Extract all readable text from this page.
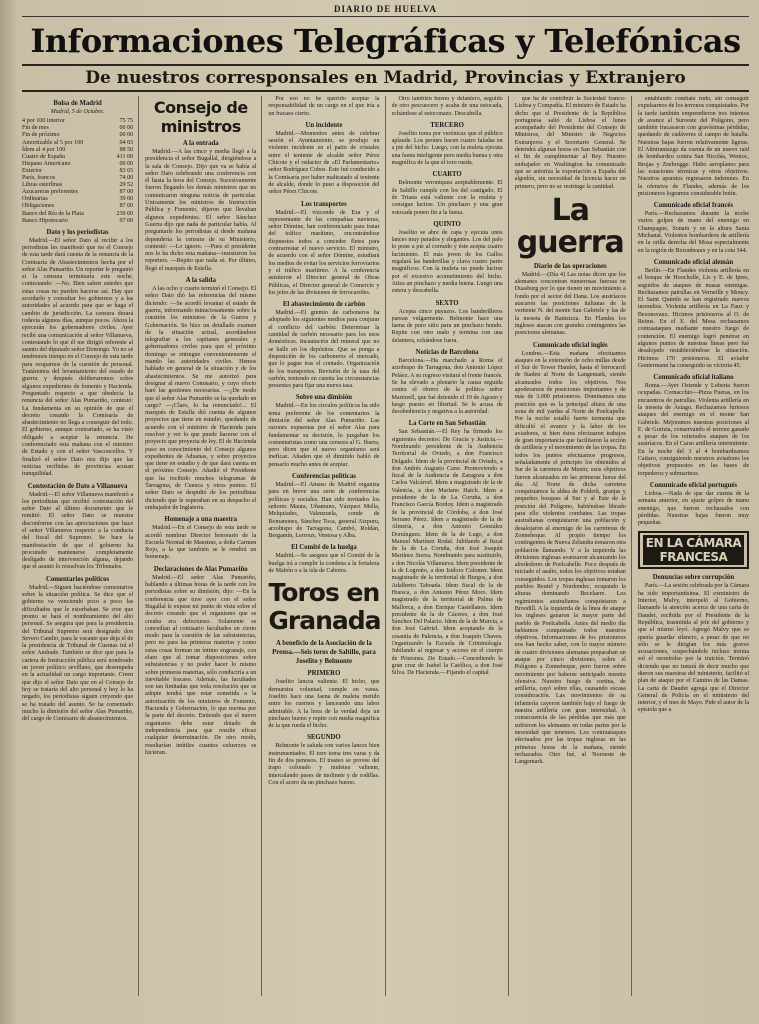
DIARIO DE HUELVA
Informaciones Telegráficas y Telefónicas
De nuestros corresponsales en Madrid, Provincias y Extranjero
Bolsa de Madrid
Madrid, 5 de Octubre.
4 por 100 interior	75 75
Fin de mes	00 00
Fin de próximo	00 00
Amortizable al 5 por 100	94 65
Ídem al 4 por 100	88 50
Cuatro de España	411 00
Hispano Americano	00 00
Exterior	83 65
París, francos	74 00
Libras esterlinas	29 52
Azucareras preferentes	87 00
Ordinarias	39 00
Obligaciones	87 00
Banco del Río de la Plata	239 00
Banco Hipotecario	97 00
Dato y los periodistas

Madrid.—El señor Dato al recibir a los periodistas les manifestó que no el Consejo de esta tarde dará cuenta de la renuncia de la Comisaría de Abastecimientos hecha por el señor Alas Pumariño. Un reporter le preguntó si la censura terminaría este noche, contestando: —No. Bien saben ustedes que estas cosas no pueden hacerse así. Hay que acordarlo y consultar los gobiernos y a las autoridades al acuerdo para que se haga el cambio de jurisdicción. La censura durará todavía algunos días, aunque pocos. Ahora la ejercerán los gobernadores civiles. Ayer recibí una comunicación al señor Villanueva, contestando lo que él me dirigió referente al asunto del diputado señor Domingo. Yo no sé tendremos tiempo en el Consejo de esta tarde para ocuparnos de la cuestión de personal. Tratáremos del levantamiento del estado de guerra y después deliberaremos sobre algunos expedientes de fomento y Hacienda. Preguntado respecto a que obedecía la renuncia del señor Alas Pumariño, contestó: La fundamenta en su opinión de que el decreto creando la Comisaría de abastecimiento no llega a conseguir del todo. El gobierno, aunque contrariado, se ha visto obligado a aceptar la renuncia. He conferenciado esta mañana con el ministro de Estado y con el señor Vasconcellos. Y finalizó el señor Dato nos dijo que las noticias recibidas de provincias acusan tranquilidad.

Contestación de Dato a Villanueva

Madrid.—El señor Villanueva manifestó a los periodistas que recibió contestación del señor Dato al último documento que le remitió. El señor Dato se muestra disconforme con las apreciaciones que hace el señor Villanueva respecto a la conducta del fiscal del Supremo. Se hace la manifestación de que el gobierno ha procurado mantenerse completamente desligado de intervención alguna, dejando que el asunto lo resuelvan los Tribunales.

Comentarios políticos

Madrid.—Siguen haciéndose comentarios sobre la situación política. Se dice que el gobierno va venciendo poco a poco las dificultades que le estorbaban. Se cree que pronto se hará el nombramiento del alto personal. Se asegura que para la presidencia del Tribunal Supremo será designado don Severo Candio, para la vacante que deja el de la presidencia de Tribunal de Cuentas irá el señor Andrade. También se dice que para la cartera de Instrucción pública será nombrado un joven político sevillano, que desempeña en la actualidad un cargo importante. Creen que dijo el señor Dato que en el Consejo de hoy se trataría del alto personal y hoy lo ha negado, los periodistas siguen creyendo que se ha tratado del asunto. Se ha comentado mucho la dimisión del señor Alas Pumariño, del cargo de Comisario de abastecimientos.

Consejo de ministros
A la entrada

Madrid.—A las cinco y media llegó a la presidencia el señor Bugallal, dirigiéndose a la sala de Consejo. Dijo que va se había al señor Dato celebrando una conferencia con él hasta la hora del Consejo. Sucesivamente fueron llegando los demás ministros que no comunicaron ninguna noticia de particular. Únicamente los ministros de Instrucción Pública y Fomento, dijeron que llevaban algunos expedientes. El señor Sánchez Guerra dijo que nada de particular había. Al preguntarle los periodistas si desde mañana dependería la censura de su Ministerio, contestó: —Lo ignoro. —Pues el presidente nos lo ha dicho esta mañana—insistieron los reporters. —Repito que nada sé. Por último, llegó el marqués de Estella.

A la salida

A las ocho y cuarto terminó el Consejo. El señor Dato dió las referencias del mismo diciendo: —Se acordó levantar el estado de guerra, informando minuciosamente sobre la cuestión los ministros de la Guerra y Gobernación. Se hizo un detallado examen de la situación actual, acordándose telegrafiar a los capitanes generales y gobernadores civiles para que el próximo domingo se entregue convenientemente el mando las autoridades civiles. Hemos hablado en general de la situación y de los abastecimientos. Se me autorizó para designar al nuevo Comisario, y cuyo efecto haré las gestiones necesarias. —¿De modo que el señor Alas Pumariño se ha quedado en cargo? —¡Claro, lo ha renunciado!... El marqués de Estella dió cuenta de algunos proyectos que tiene en estudio, quedando de acuerdo con el ministro de Hacienda para resolver y ver lo que puede hacerse con el proyecto que proyecta de ley. El de Hacienda puso en conocimiento del Consejo algunos expedientes de Aduanas, y sobre proyectos que tiene en estudio y de que dará cuenta en el próximo Consejo. Añadió el Presidente que ha recibido muchos telegramas de Tarragona, de Cuenca y otros puntos. El señor Dato se despidió de los periodistas diciendo que le esperaban en su despacho el embajador de Inglaterra.

Homenaje a una maestra

Madrid.—En el Consejo de esta tarde se acordó nombrar Director honorario de la Escuela Normal de Maestras, a doña Carmen Rojo, a la que también se le rendirá un homenaje.

Declaraciones de Alas Pumariño

Madrid.—El señor Alas Pumariño, hablando a últimas horas de la tarde con los periodistas sobre su dimisión, dijo: —En la conferencia que tuve ayer con el señor Bugallal le expuse mi punto de vista sobre el decreto creando que el organismo que se creaba era defectuoso. Solamente se concedían al comisario facultades en cierto modo para la cuestión de las subsistencias, pero no para las primeras materias y como estas cosas forman un íntimo engranaje, con elaro que al tomar disposiciones sobre subsistencias y no poder hacer lo mismo sobre primeras materias, sólo conduciría a un inevitable fracaso. Además, las facultades son tan limitadas que toda resolución que se adopte tendrá que estar sometida a la autorización de los ministros de Fomento, Hacienda y Gobernación, lo que merma por la parte del decreto. Entiendo que el nuevo organismo debe estar dotado de independencia para que resulte eficaz cualquier determinación. De otro modo, resultarían inútiles cuantos esfuerzos se hicieran.

Por eso no he querido aceptar la responsabilidad de un cargo en el que iría a un fracaso cierto.

Un incidente

Madrid.—Momentos antes de celebrar sesión el Ayuntamiento, se produjo un violento incidente en el patio de cristales entre el teniente de alcalde señor Pérez Chicote y el redactor de «El Parlamentario» señor Rodríguez Cobos. Éste fué conducido a la Comisaría por haber maltratado al teniente de alcalde, donde lo puso a disposición del señor Pérez Chicote.

Los transportes

Madrid.—El vizconde de Eza y el representante de las compañías navieras, señor Dómine, han conferenciado para tratar del tráfico marítimo, encontrándose dispuestos todos a conceder fletes para contrarrestar el nuevo servicio. El ministro, de acuerdo con el señor Dómine, estudiará los medios de evitar los servicios ferroviarios y el tráfico marítimo. A la conferencia asistieron el Director general de Obras Públicas, el Director general de Comercio y los jefes de las divisiones de ferrocarriles.

El abastecimiento de carbón

Madrid.—El gremio de carboneros ha adoptado los siguientes medios para conjurar el conflicto del carbón: Determinar la cantidad de carbón necesario para los usos domésticos. Incautación del mineral que no se halle en los depósitos. Que se ponga a disposición de los carboneros el mercado, que lo pague tras el contado. Organización de los transportes. Revisión de la tasa del carbón, teniendo en cuenta las circunstancias presentes para fijar una nueva tasa.

Sobre una dimisión

Madrid.—En los círculos políticos ha sido tema preferente de los comentarios la dimisión del señor Alas Pumariño. Las razones expuestas por el señor Alas para fundamentar su decisión, lo juzgaban los comentaristas como una censura al G. Ibarra, pero dicen que el nuevo organismo será ineficaz. Añaden que el dimitido habló de pensarlo mucho antes de aceptar.

Conferencias políticas

Madrid.—El Amaso de Madrid organiza para en breve una serie de conferencias políticas y sociales. Han sido invitados los señores Maura, Uñamuno, Vázquez Mella, Melquiades, Valenzuela, conde de Romanones, Sánchez Toca, general Aizpuru, arzobispo de Tarragona, Cambó, Roldán, Bergamín, Lerroux, Ventosa y Alba.

El Comité de la huelga

Madrid.—Se asegura que el Comité de la huelga irá a cumplir la condena a la fortaleza de Mahón o a la isla de Cabrera.

Toros en Granada
A beneficio de la Asociación de la Prensa.—Seis toros de Saltillo, para Joselito y Belmonte
PRIMERO

Joselito lancea valiente. El bicho, que demuestra voluntad, cumple en varas. Joselito hace una faena de maleta metido entre los cuernos y lanceando una labor admirable. A la hora de la verdad deja un pinchazo bueno y repite con media magnífica de la que rueda el bicho.

SEGUNDO

Belmonte le saluda con varios lances bien instrumentados. El toro toma tres varas y da fin de dos penosos. El trasteo se provee del trapo colorado y muletea valiente, intercalando pases de molinete y de rodillas. Con el acero da un pinchazo bueno.

Otro también bueno y delantero, seguido de otro pescuecero y acaba de una estocada, echándose al estoconazo. Descabella.

TERCERO

Joselito torea por verónicas que el público aplaude. Los peones hacen cuatro faladas en a pie del bicho. Luego, con la muleta ejecuta una faena inteligente pero media buena y otra magnífica de la que el toro rueda.

CUARTO

Belmonte veroniquea aceptablemente. El de Saltillo cumple con los del castigado. El de Triana está valiente con la muleta y consigue lucirse. Un pinchazo y una gran estocada ponen fin a la faena.

QUINTO

Joselito se abre de capa y ejecuta unos lances muy parados y elegantes. Los del palo lo pone a pie al cornudo y éste acepta cuatro lucimiento. El más joven de los Gallos regalará las banderillas y clava cuatro pares magníficos. Con la muleta no puede lucirse por el excesivo acometimiento del bicho. Atiza un pinchazo y media buena. Luego una entera y descabella.

SEXTO

Acepta cinco puyazos. Los banderilleros parean vulgarmente. Belmonte hace una faena de puro sitio para un pinchazo hondo. Repite con otro malo y termina con una delantera, echándose fuera.

Noticias de Barcelona

Barcelona.—Ha marchado a Roma el arzobispo de Tarragona, don Antonio López Peláez. A su regreso visitará el frente francés. Se ha elevado a plenario la causa seguida contra el obrero de la política señor Martorell, que fué detenido el 19 de Agosto y luego puesto en libertad. Se le acusa de desobediencia y negativa a la autoridad.

La Corte en San Sebastián

San Sebastián.—El Rey ha firmado los siguientes decretos: De Gracia y Justicia.—Nombrando presidente de la Audiencia Territorial de Oviedo, a don Francisco Delgado. Idem de la provincial de Oviedo, a don Andrés Augusto Cano. Promoviendo a fiscal de la Audiencia de Zaragoza a don Carlos Valcárcel. Idem a magistrado de la de Valencia, a don Mariano Hatch. Idem a presidente de la de La Coruña, a don Francisco García Bordoy. Idem a magistrado de la provincial de Córdoba, a don José Serrano Pérez. Idem a magistrado de la de Almería, a don Antonio González Domínguez. Idem de la de Lugo, a don Manuel Martínez Rodal. Jubilando al fiscal de la de La Coruña, don José Joaquín Martínez Sierra. Nombrando para sustituirlo, a don Nicolás Villanueva. Idem presidente de la de Logroño, a don Isidoro Colomer. Idem magistrado de la territorial de Burgos, a don Adalberto Taboada. Idem fiscal de la de Huesca, a don Antonio Pérez Moro. Idem magistrado de la territorial de Palma de Mallorca, a don Enrique Castellanos. Idem presidente de la de Cáceres, a don José Sánchez Del Palacio. Idem de la de Murcia, a don José Gabriel. Idem aceptando de la cesantía de Palencia, a don Joaquín Chaves. Organizando la Escuela de Criminología. Jubilando al regresar y acceso en el cuerpo de Prisiones. De Estado.—Concediendo la gran cruz de Isabel la Católica, a don José Silva. De Hacienda.—Fijando el capital

que ha de contribuir la Sociedad franco-Lisboa y Compañía. El ministro de Estado ha dicho que el Presidente de la República portuguesa salió de Lisboa el lunes acompañado del Presidente del Consejo de Ministros, del Ministro de Negocios Extranjeros y el Secretario General. Se detendrá algunas horas en San Sebastián con el fin de cumplimentar al Rey. Nuestro embajador en Washington ha comunicado que se autoriza la exportación a España del algodón, sin necesidad de licencia hacer en primero, pero no se restringe la cantidad.

La guerra
Diario de las operaciones

Madrid.—(Día 4) Las notas dicen que los alemanes concentran numerosas fuerzas en Duasburg por lo que tienen un movimiento a fondo por el sector del Dana. Los austríacos atacaron las posiciones italianas de la vertiente N. del monte San Gabriele y las de la meseta de Bainsizza. En Flandes los ingleses atacan con grandes contingentes las posiciones alemanas.

Comunicado oficial inglés

Londres.—Esta mañana efectuamos ataques en la extensión de ocho millas desde el Sur de Tower Hamlet, hasta el ferrocarril de Staden al Norte de Langemark, siendo alcanzados todos los objetivos. Nos apoderamos de posiciones importantes y de más de 3.000 prisioneros. Dominamos una posición que es la principal altura de una zona de mil yardas al Norte de Poelcapelle. Por la noche estalló fuerte tormenta que dificultó el avance y la labor de los aviadores, si bien éstos efectuaron trabajos de gran importancia que facilitaron la acción de artillería y el movimiento de las tropas. En todos los puntos efectuamos progresos, señaladamente el principio los obtenidos al Sur de la carretera de Menin; esos objetivos fueron alcanzados en las primeras horas del día. Al Norte de dicha carretera conquistamos la aldea de Polderk, granjas y pequeños bosques al Sur y al Este de la posición del Polígono, habiéndose librado para ello violentos combates. Las tropas australianas conquistaron una población y desalojaron al enemigo de las carreteras de Zonnebeque. Al propio tiempo los contingentes de Nueva Zelandia tomaron otra población llamando. Y a la izquierda las divisiones inglesas avanzaron alcanzando los alrededores de Poelcabelle. Poco después de iniciado el asalto, todos los objetivos estaban conseguidos. Los tropas inglesas tomaron los pueblos Reutel y Nordondec, ocupando la alturas dominando Becelaere. Los regimientos australianos conquistaron a Broodill. A la izquierda de la línea de ataque los ingleses ganaron la mayor parte del pueblo de Poelcabelle. Antes del medio día habíamos conquistado todos nuestros objetivos. Informaciones de los prisioneros nos han hecho saber, con lo mayor número de cuatro divisiones alemanas preparaban un ataque por cinco divisiones, sobre el Polígono a Zonnebeque, pero fueron sobre movimiento por haberse anticipado nuestra ofensiva. Nuestro fuego de cortina, de artillería, cayó sobre ellas, causando escasa consideración. Las movimientos de su infantería cayeron también bajo el fuego de nuestra artillería con gran intensidad. A consecuencia de las pérdidas que más que sufrieron los alemanes en todas partes por la necesidad que tenemos. Los contraataques efectuados por las tropas inglesas en las primeras horas de la mañana, siendo rechazados. Otro fué, al Noroeste de Langemark.

entablando combate rudo, sin conseguir expulsarnos de los terrenos conquistados. Por la tarde también emprendieron tres intentos de avance al Suroeste del Polígono, pero también fracasaron con gravísimas pérdidas, quedando de cadáveres el campo de batalla. Nuestras bajas fueron relativamente ligeras. El Almirantazgo da cuenta de un nuevo raid de bombardeo contra San Nicolás, Wentoc, Brujas y Zeebrugge. Hubo aeroplanos para las estaciones térmicas y otros objetivos. Nuestros aparatos regresaron indemnes. En la ofensiva de Flandes, además de los prisioneros logramos considerable botín.

Comunicado oficial francés

París.—Rechazamos durante la noche varios golpes de mano del enemigo en Champagne, Sonain y en la altura Santa Michanal. Violentos bombardeos de artillería en la orilla derecha del Mosa especialmente en la región de Bezonbeaux y en la cota 344.

Comunicado oficial alemán

Berlín.—En Flandes violenta artillería en el bosque de Hoocholle, Lis y E. de Ipres, seguidos de ataques de masas enemigas. Rechazamos patrullas en Verneille y Moncy. El Saint Quintín se han registrado nuevos incendios. Violenta artillería en La Faux y Bezonsvaux. Hicimos prisioneros al O. de Reims. En el E. del Mosa rechazamos contraataques mediante nuestro fuego de contención. El enemigo logró penetrar en algunos puntos de nuestras líneas pero fué desalojado restableciéndose la situación. Hicimos 170 prisioneros. El aviador Gontermann ha conseguido su victoria 45.

Comunicado oficial italiano

Roma.—Ayer Ostende y Loberia fueron ocupadas. Cornacchio—Pizza Fueras, en los encuentros de patrullas. Violenta artillería en la meseta de Asiago. Rechazamos furiosos ataques del enemigo en el monte San Gabriele. Mejoramos nuestras posiciones al E. de Gorizia, conservando el terreno ganado a pesar de los reiterados ataques de los austríacos. En el Carso artillería intermitente. En la noche del 3 al 4 bombardeamos Cattaro, consiguiendo nuestros aviadores los objetivos propuestos en las bases de torpederos y submarinos.

Comunicado oficial portugués

Lisboa.—Nada de que dar cuenta de la semana anterior, en ajuste golpes de mano enemigo, que fueron rechazados con pérdidas. Nuestras bajas fueron muy pequeñas.

EN LA CÁMARA FRANCESA
Denuncias sobre corrupción

París.—La sesión celebrada por la Cámara ha sido importantísima. El exministro de Interior, Malvy, interpeló al Gobierno, llamando la atención acerca de una carta de Daudet, recibida por el Presidente de la República, trasmitida al jefe del gobierno y que el mismo leyó. Agregó Malvy que se quería guardar silencio, a pesar de que no sólo se le dirigían los más graves acusaciones, sospechándole incluso treinta sol el reembolso por la traición. Terminó diciendo que no tratará de decir mucho que dieron sus maestras del ministerio, facilitó el plan de ataque por el Camino de las Damas. La carta de Daudet agrega que el Director General de Policía en el ministerio del interior, y el mes de Mayo. Pide el autor de la epístola que a
